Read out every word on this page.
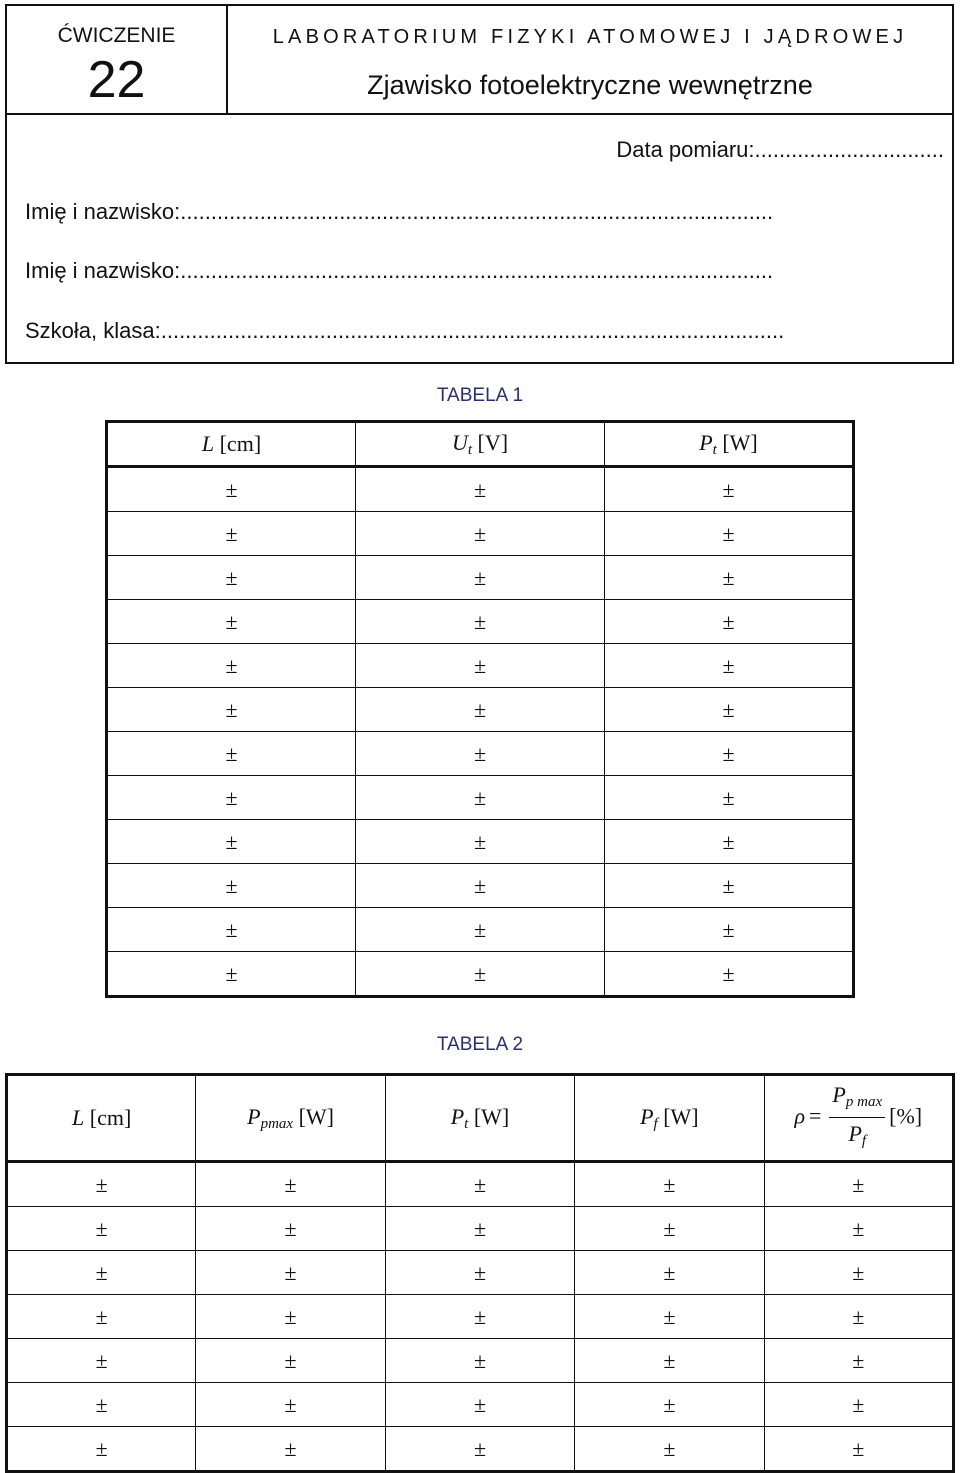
ĆWICZENIE
22
LABORATORIUM FIZYKI ATOMOWEJ I JĄDROWEJ
Zjawisko fotoelektryczne wewnętrzne
Data pomiaru:...............................
Imię i nazwisko:.................................................................................................
Imię i nazwisko:.................................................................................................
Szkoła, klasa:......................................................................................................
TABELA 1
L [cm]	$U_t$ [V]	$P_t$ [W]
±	±	±
±	±	±
±	±	±
±	±	±
±	±	±
±	±	±
±	±	±
±	±	±
±	±	±
±	±	±
±	±	±
±	±	±
TABELA 2
L [cm]	$P_{pmax}$ [W]	$P_t$ [W]	$P_f$ [W]	$\rho = \frac{P_{p max}}{P_f}$ [%]
±	±	±	±	±
±	±	±	±	±
±	±	±	±	±
±	±	±	±	±
±	±	±	±	±
±	±	±	±	±
±	±	±	±	±
